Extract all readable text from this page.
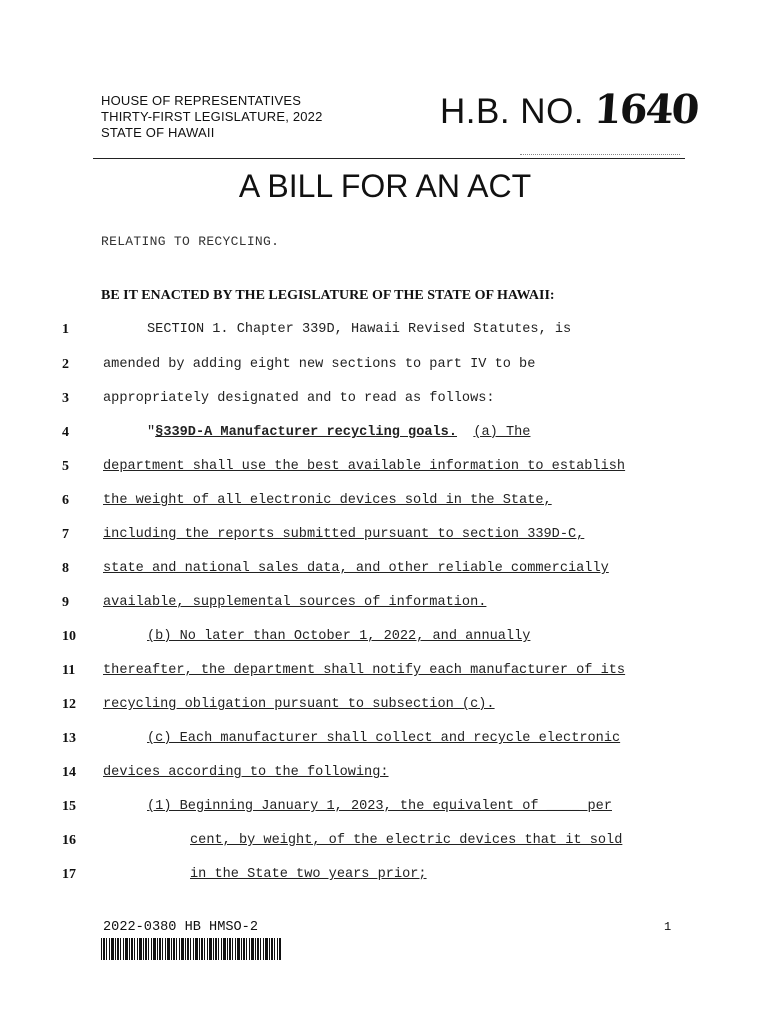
HOUSE OF REPRESENTATIVES
THIRTY-FIRST LEGISLATURE, 2022
STATE OF HAWAII
H.B. NO. 1640
A BILL FOR AN ACT
RELATING TO RECYCLING.
BE IT ENACTED BY THE LEGISLATURE OF THE STATE OF HAWAII:
1	SECTION 1. Chapter 339D, Hawaii Revised Statutes, is
2	amended by adding eight new sections to part IV to be
3	appropriately designated and to read as follows:
4	"§339D-A Manufacturer recycling goals. (a) The
5	department shall use the best available information to establish
6	the weight of all electronic devices sold in the State,
7	including the reports submitted pursuant to section 339D-C,
8	state and national sales data, and other reliable commercially
9	available, supplemental sources of information.
10	(b) No later than October 1, 2022, and annually
11	thereafter, the department shall notify each manufacturer of its
12	recycling obligation pursuant to subsection (c).
13	(c) Each manufacturer shall collect and recycle electronic
14	devices according to the following:
15	(1) Beginning January 1, 2023, the equivalent of ____ per
16	cent, by weight, of the electric devices that it sold
17	in the State two years prior;
2022-0380 HB HMSO-2	1
